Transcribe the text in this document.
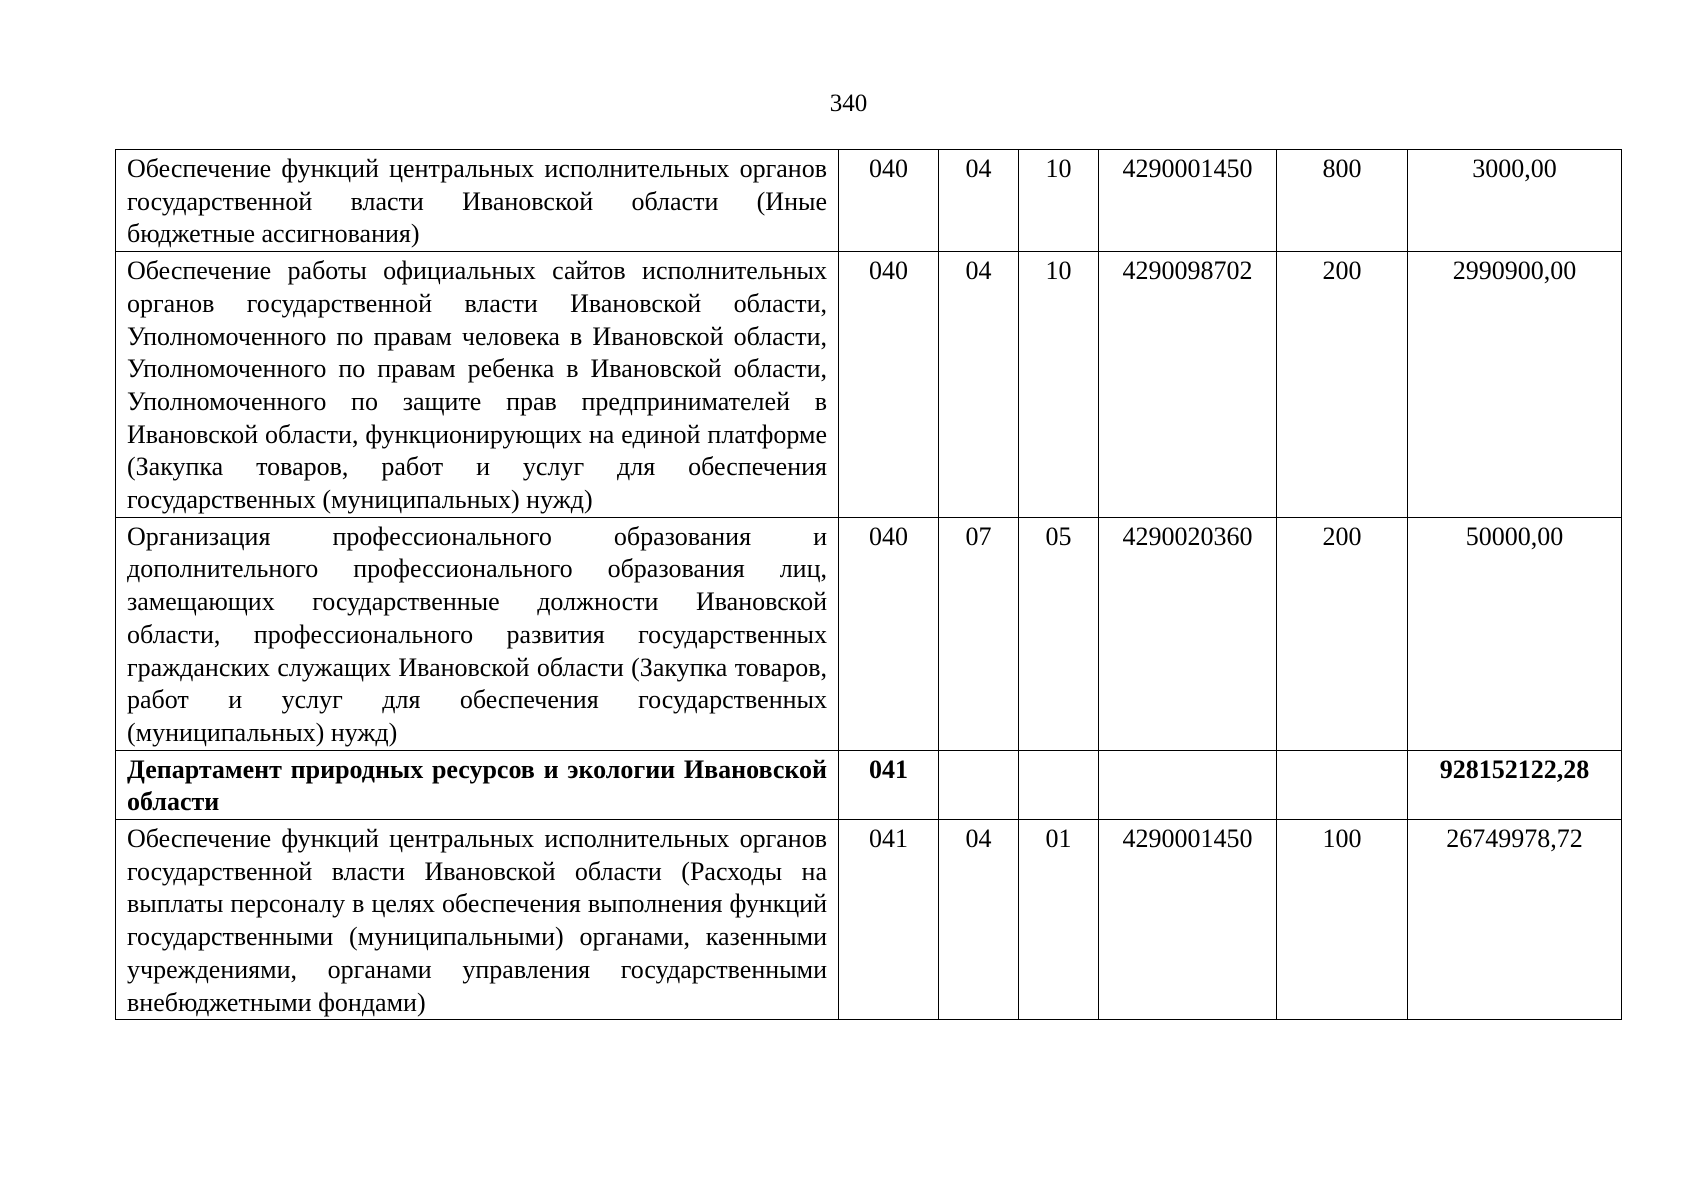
340
Обеспечение функций центральных исполнительных органов государственной власти Ивановской области (Иные бюджетные ассигнования)	040	04	10	4290001450	800	3000,00
Обеспечение работы официальных сайтов исполнительных органов государственной власти Ивановской области, Уполномоченного по правам человека в Ивановской области, Уполномоченного по правам ребенка в Ивановской области, Уполномоченного по защите прав предпринимателей в Ивановской области, функционирующих на единой платформе (Закупка товаров, работ и услуг для обеспечения государственных (муниципальных) нужд)	040	04	10	4290098702	200	2990900,00
Организация профессионального образования и дополнительного профессионального образования лиц, замещающих государственные должности Ивановской области, профессионального развития государственных гражданских служащих Ивановской области (Закупка товаров, работ и услуг для обеспечения государственных (муниципальных) нужд)	040	07	05	4290020360	200	50000,00
Департамент природных ресурсов и экологии Ивановской области	041					928152122,28
Обеспечение функций центральных исполнительных органов государственной власти Ивановской области (Расходы на выплаты персоналу в целях обеспечения выполнения функций государственными (муниципальными) органами, казенными учреждениями, органами управления государственными внебюджетными фондами)	041	04	01	4290001450	100	26749978,72
